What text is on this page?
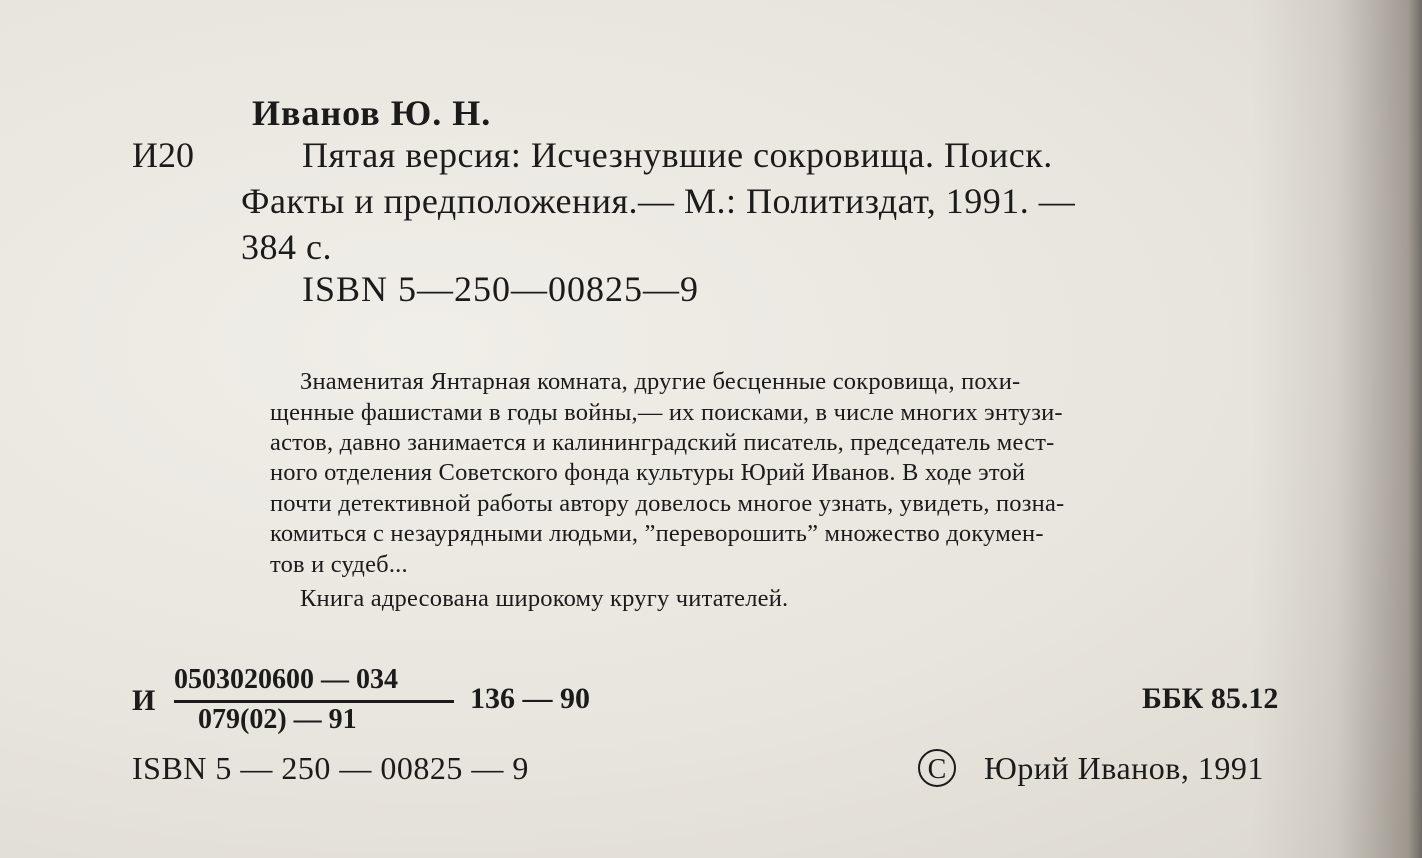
Иванов Ю. Н.
И20	Пятая версия: Исчезнувшие сокровища. Поиск.
Факты и предположения.— М.: Политиздат, 1991. —
384 с.
ISBN 5—250—00825—9
Знаменитая Янтарная комната, другие бесценные сокровища, похи-
щенные фашистами в годы войны,— их поисками, в числе многих энтузи-
астов, давно занимается и калининградский писатель, председатель мест-
ного отделения Советского фонда культуры Юрий Иванов. В ходе этой
почти детективной работы автору довелось многое узнать, увидеть, позна-
комиться с незаурядными людьми, ”переворошить” множество докумен-
тов и судеб...
Книга адресована широкому кругу читателей.
И
0503020600 — 034
079(02) — 91
136 — 90	ББК 85.12
ISBN 5 — 250 — 00825 — 9	C	Юрий Иванов, 1991
